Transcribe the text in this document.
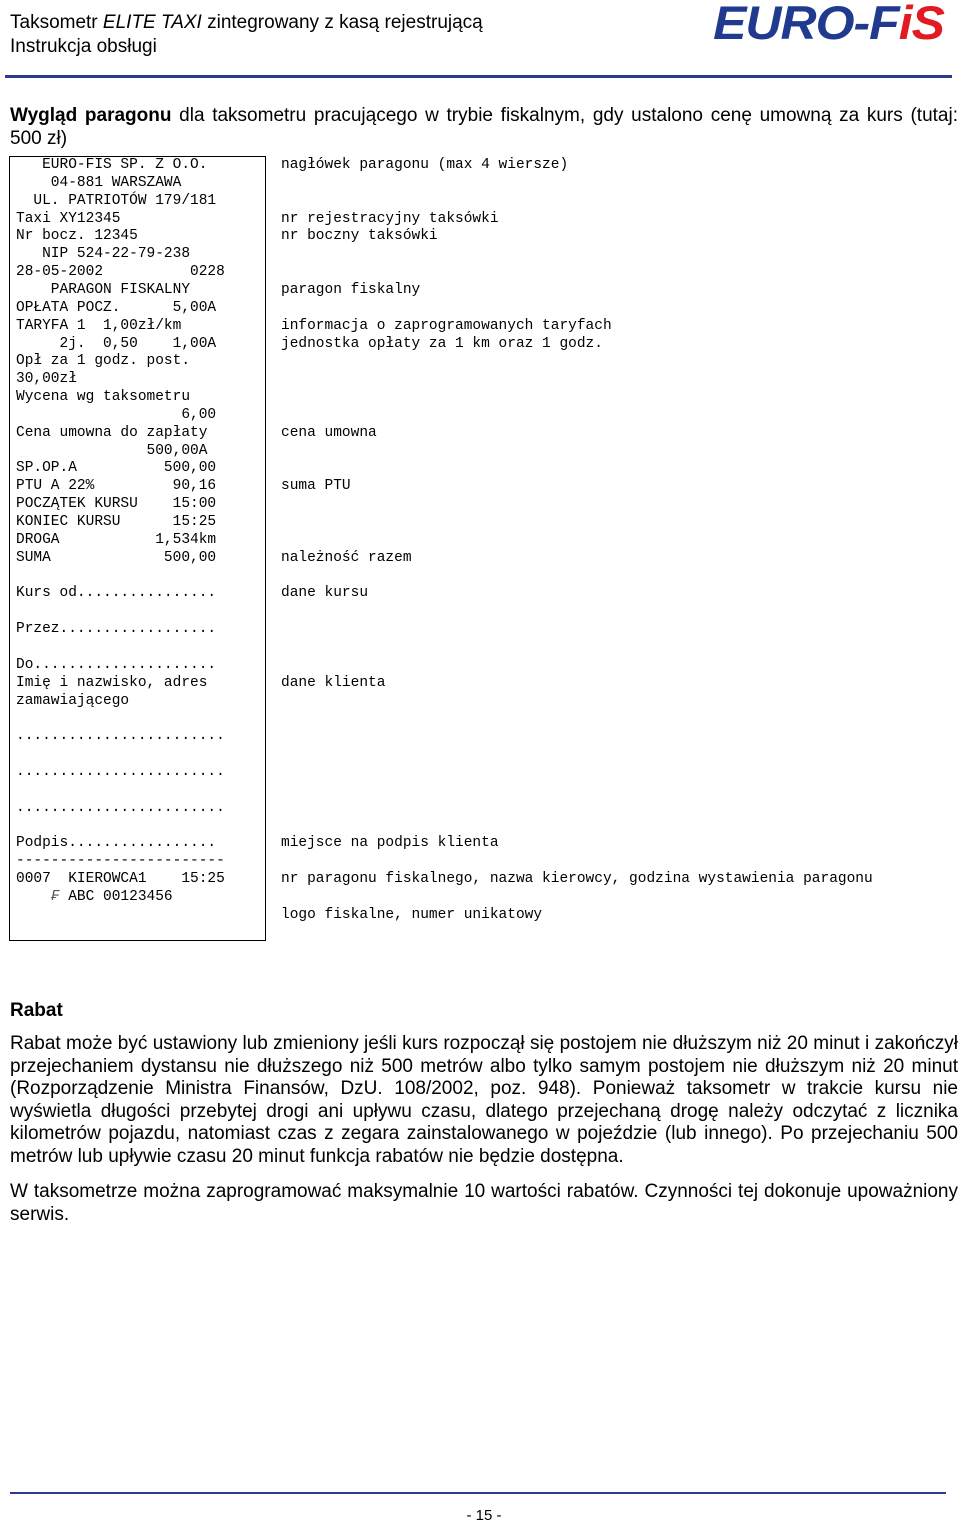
Taksometr ELITE TAXI zintegrowany z kasą rejestrującą
Instrukcja obsługi	EURO-FiS
Wygląd paragonu dla taksometru pracującego w trybie fiskalnym, gdy ustalono cenę umowną za kurs (tutaj: 500 zł)
EURO-FIS SP. Z O.O.
04-881 WARSZAWA
UL. PATRIOTÓW 179/181
Taxi XY12345
Nr bocz. 12345
NIP 524-22-79-238
28-05-2002          0228
PARAGON FISKALNY
OPŁATA POCZ.      5,00A
TARYFA 1  1,00zł/km
2j.  0,50    1,00A
Opł za 1 godz. post.
30,00zł
Wycena wg taksometru
6,00
Cena umowna do zapłaty
500,00A
SP.OP.A          500,00
PTU A 22%         90,16
POCZĄTEK KURSU    15:00
KONIEC KURSU      15:25
DROGA           1,534km
SUMA             500,00
Kurs od................
Przez..................
Do.....................
Imię i nazwisko, adres
zamawiającego
........................
........................
........................
Podpis.................
------------------------
0007  KIEROWCA1    15:25
₣ ABC 00123456
nagłówek paragonu (max 4 wiersze)
nr rejestracyjny taksówki
nr boczny taksówki
paragon fiskalny
informacja o zaprogramowanych taryfach
jednostka opłaty za 1 km oraz 1 godz.
cena umowna
suma PTU
należność razem
dane kursu
dane klienta
miejsce na podpis klienta
nr paragonu fiskalnego, nazwa kierowcy, godzina wystawienia paragonu
logo fiskalne, numer unikatowy
Rabat
Rabat może być ustawiony lub zmieniony jeśli kurs rozpoczął się postojem nie dłuższym niż 20 minut i zakończył przejechaniem dystansu nie dłuższego niż 500 metrów albo tylko samym postojem nie dłuższym niż 20 minut (Rozporządzenie Ministra Finansów, DzU. 108/2002, poz. 948). Ponieważ taksometr w trakcie kursu nie wyświetla długości przebytej drogi ani upływu czasu, dlatego przejechaną drogę należy odczytać z licznika kilometrów pojazdu, natomiast czas z zegara zainstalowanego w pojeździe (lub innego). Po przejechaniu 500 metrów lub upływie czasu 20 minut funkcja rabatów nie będzie dostępna.
W taksometrze można zaprogramować maksymalnie 10 wartości rabatów. Czynności tej dokonuje upoważniony serwis.
- 15 -
